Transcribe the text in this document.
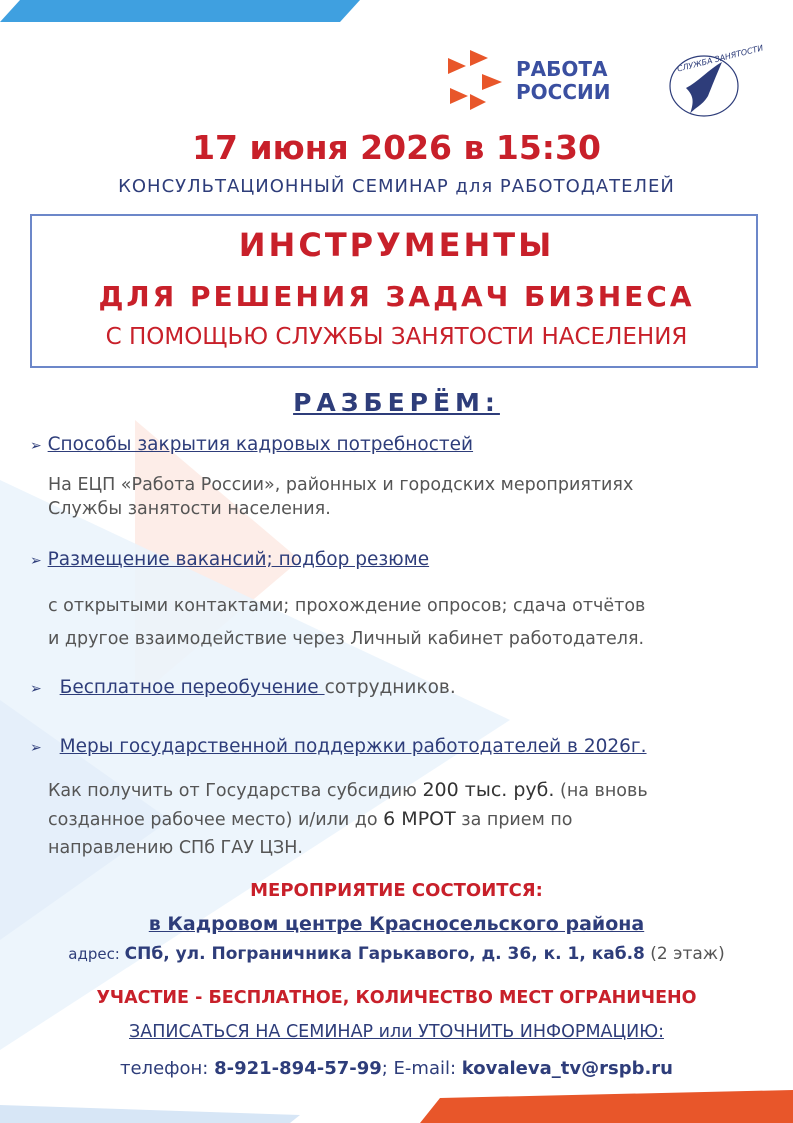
РАБОТА
РОССИИ
СЛУЖБА ЗАНЯТОСТИ
17 июня 2026 в 15:30
КОНСУЛЬТАЦИОННЫЙ СЕМИНАР для РАБОТОДАТЕЛЕЙ
ИНСТРУМЕНТЫ
ДЛЯ РЕШЕНИЯ ЗАДАЧ БИЗНЕСА
С ПОМОЩЬЮ СЛУЖБЫ ЗАНЯТОСТИ НАСЕЛЕНИЯ
РАЗБЕРЁМ:
➢ Способы закрытия кадровых потребностей
На ЕЦП «Работа России», районных и городских мероприятиях
Службы занятости населения.
➢ Размещение вакансий; подбор резюме
с открытыми контактами; прохождение опросов; сдача отчётов
и другое взаимодействие через Личный кабинет работодателя.
➢ Бесплатное переобучение сотрудников.
➢ Меры государственной поддержки работодателей в 2026г.
Как получить от Государства субсидию 200 тыс. руб. (на вновь
созданное рабочее место) и/или до 6 МРОТ за прием по
направлению СПб ГАУ ЦЗН.
МЕРОПРИЯТИЕ СОСТОИТСЯ:
в Кадровом центре Красносельского района
адрес: СПб, ул. Пограничника Гарькавого, д. 36, к. 1, каб.8 (2 этаж)
УЧАСТИЕ - БЕСПЛАТНОЕ, КОЛИЧЕСТВО МЕСТ ОГРАНИЧЕНО
ЗАПИСАТЬСЯ НА СЕМИНАР или УТОЧНИТЬ ИНФОРМАЦИЮ:
телефон: 8-921-894-57-99; E-mail: kovaleva_tv@rspb.ru
